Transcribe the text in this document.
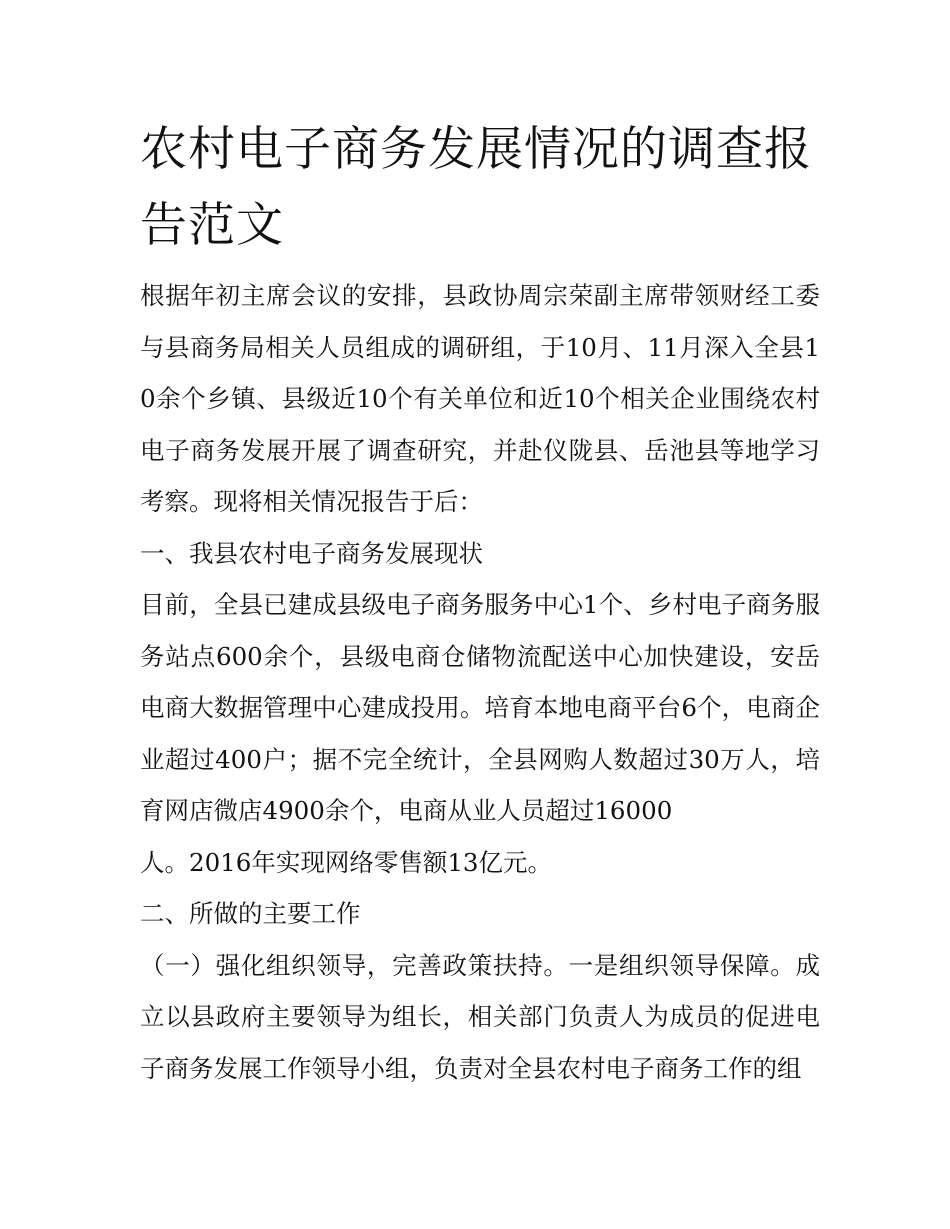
农村电子商务发展情况的调查报告范文

根据年初主席会议的安排，县政协周宗荣副主席带领财经工委与县商务局相关人员组成的调研组，于10月、11月深入全县10余个乡镇、县级近10个有关单位和近10个相关企业围绕农村电子商务发展开展了调查研究，并赴仪陇县、岳池县等地学习考察。现将相关情况报告于后：

一、我县农村电子商务发展现状

目前，全县已建成县级电子商务服务中心1个、乡村电子商务服务站点600余个，县级电商仓储物流配送中心加快建设，安岳电商大数据管理中心建成投用。培育本地电商平台6个，电商企业超过400户；据不完全统计，全县网购人数超过30万人，培育网店微店4900余个，电商从业人员超过16000

人。2016年实现网络零售额13亿元。

二、所做的主要工作

（一）强化组织领导，完善政策扶持。一是组织领导保障。成立以县政府主要领导为组长，相关部门负责人为成员的促进电子商务发展工作领导小组，负责对全县农村电子商务工作的组
